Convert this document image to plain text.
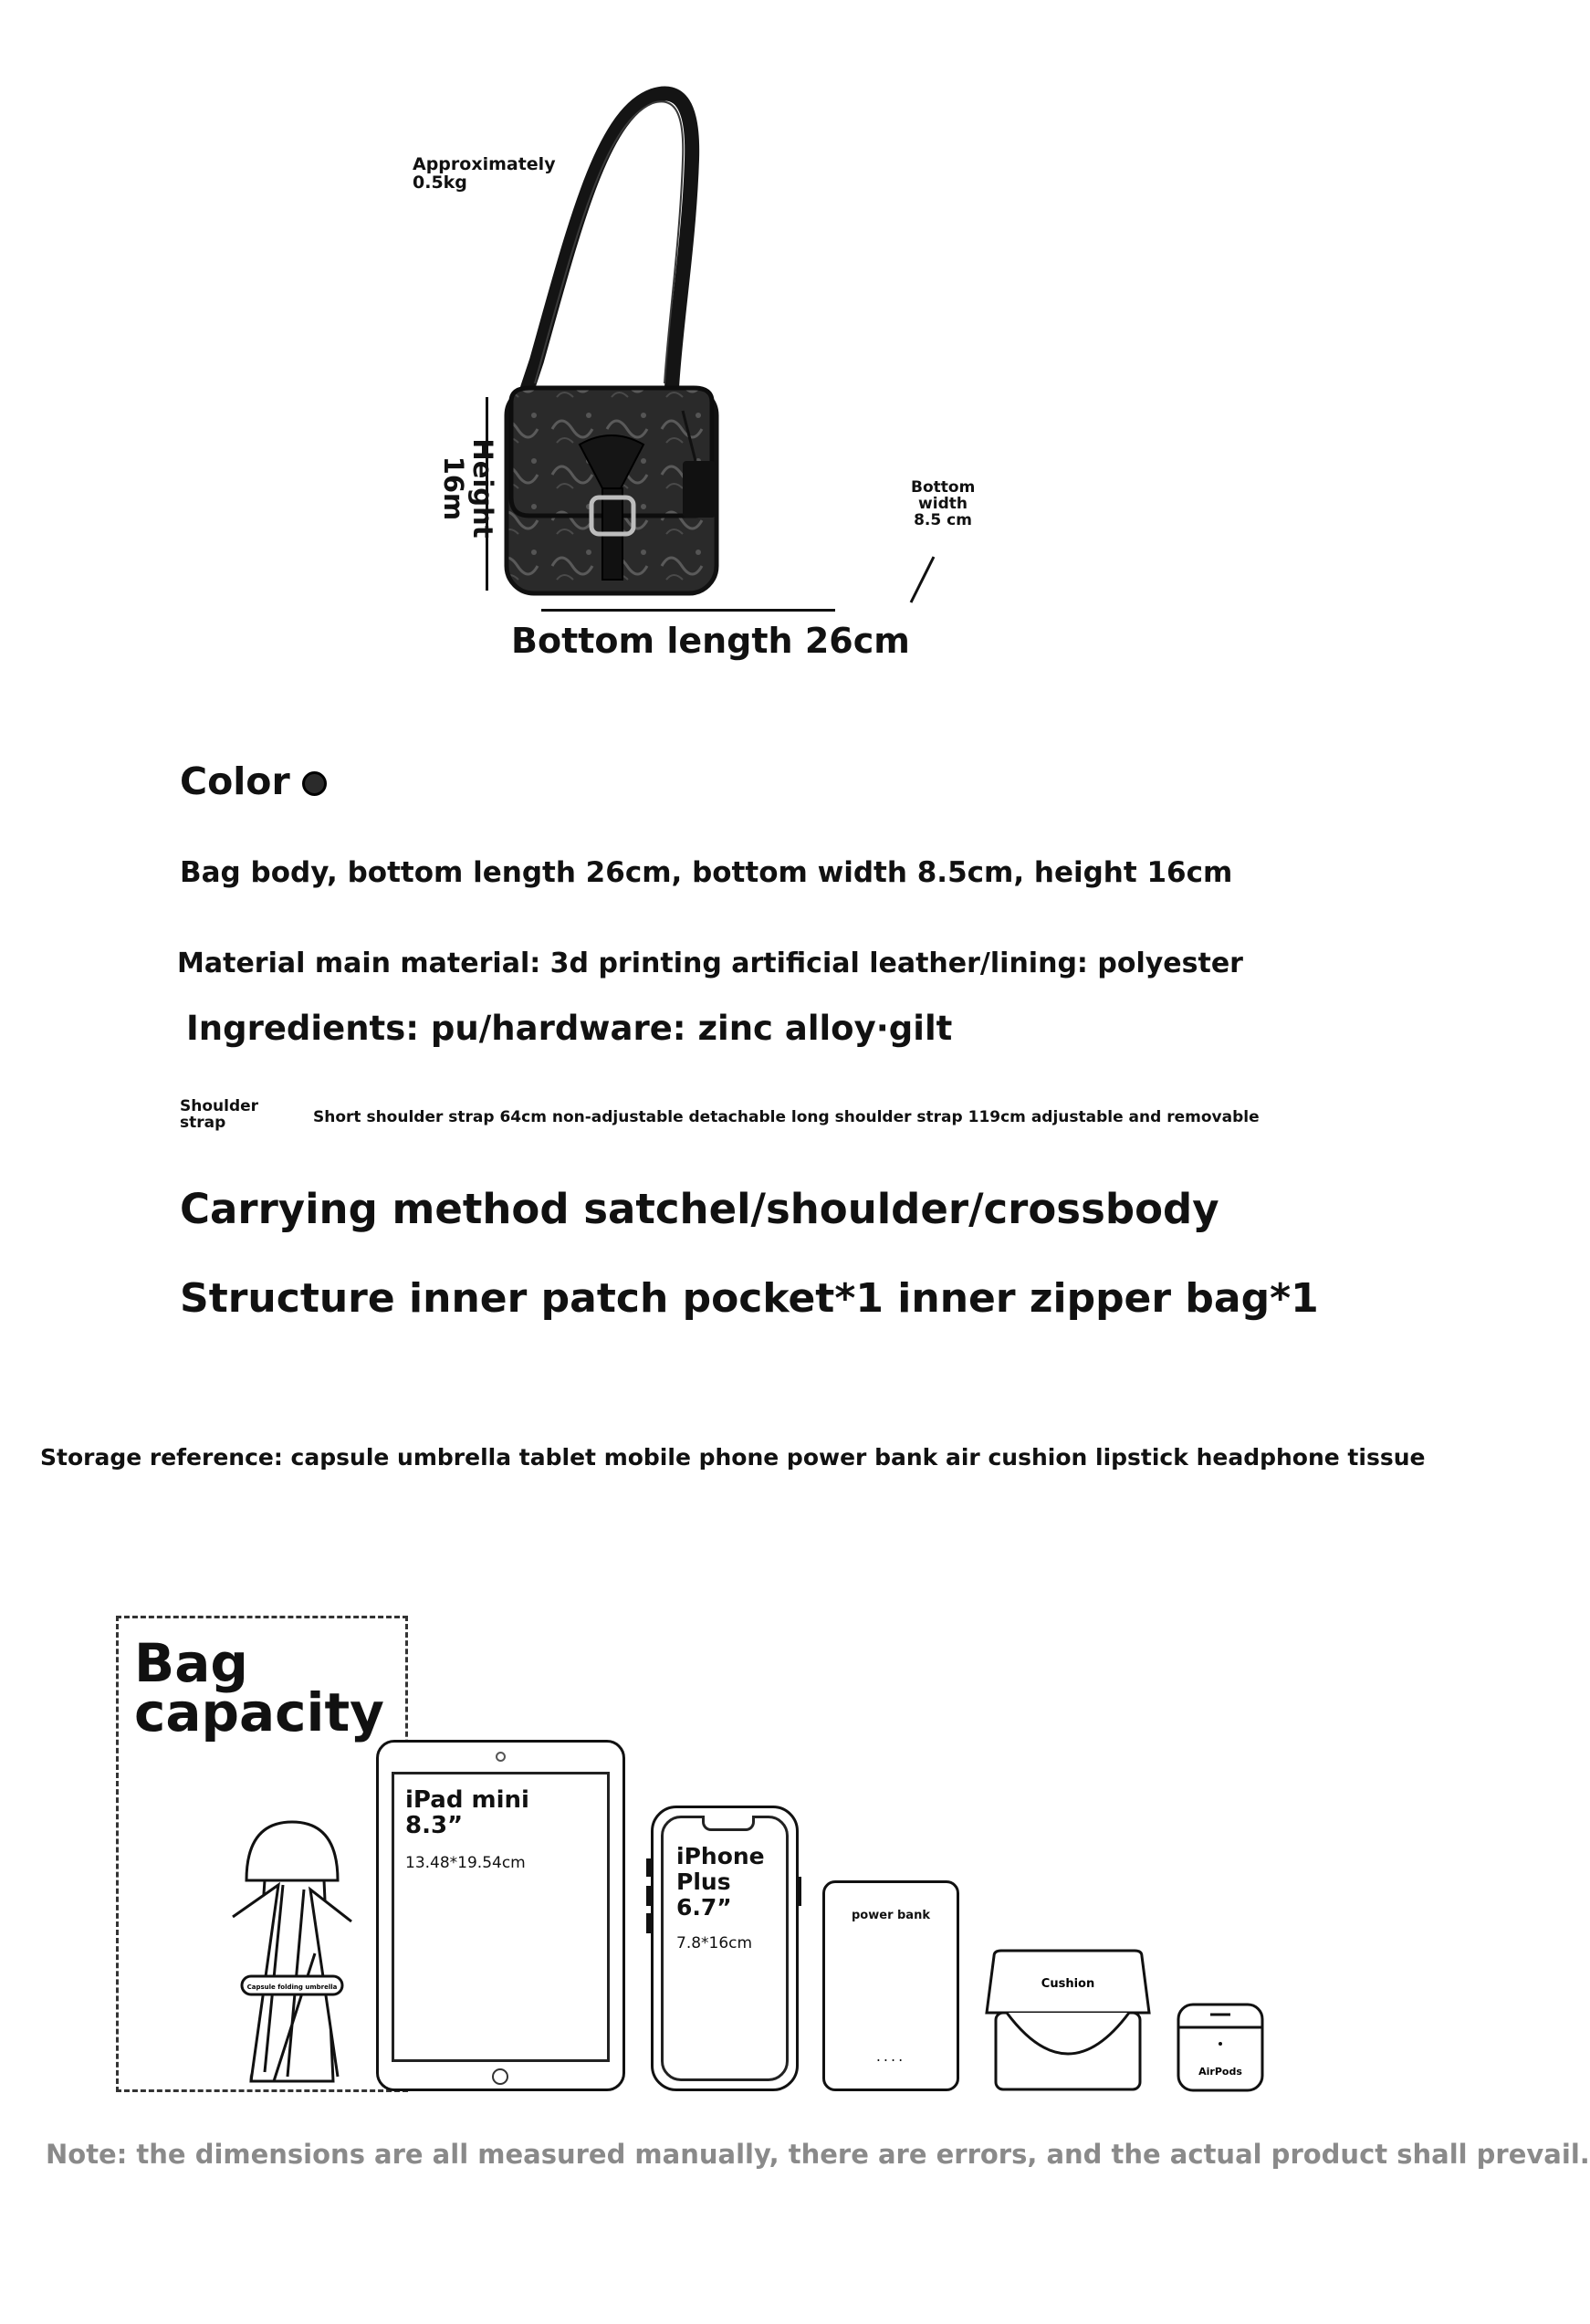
Approximately
0.5kg
Height
16m	Bottom
width
8.5 cm
Bottom length 26cm
Color
Bag body, bottom length 26cm, bottom width 8.5cm, height 16cm
Material main material: 3d printing artificial leather/lining: polyester
Ingredients: pu/hardware: zinc alloy·gilt
Shoulder
strap	Short shoulder strap 64cm non-adjustable detachable long shoulder strap 119cm adjustable and removable
Carrying method satchel/shoulder/crossbody
Structure inner patch pocket*1 inner zipper bag*1
Storage reference: capsule umbrella tablet mobile phone power bank air cushion lipstick headphone tissue
Bag
capacity
Capsule folding umbrella
iPad mini
8.3”
13.48*19.54cm	iPhone
Plus
6.7”
7.8*16cm
power bank
....
Cushion
AirPods
Note: the dimensions are all measured manually, there are errors, and the actual product shall prevail.
